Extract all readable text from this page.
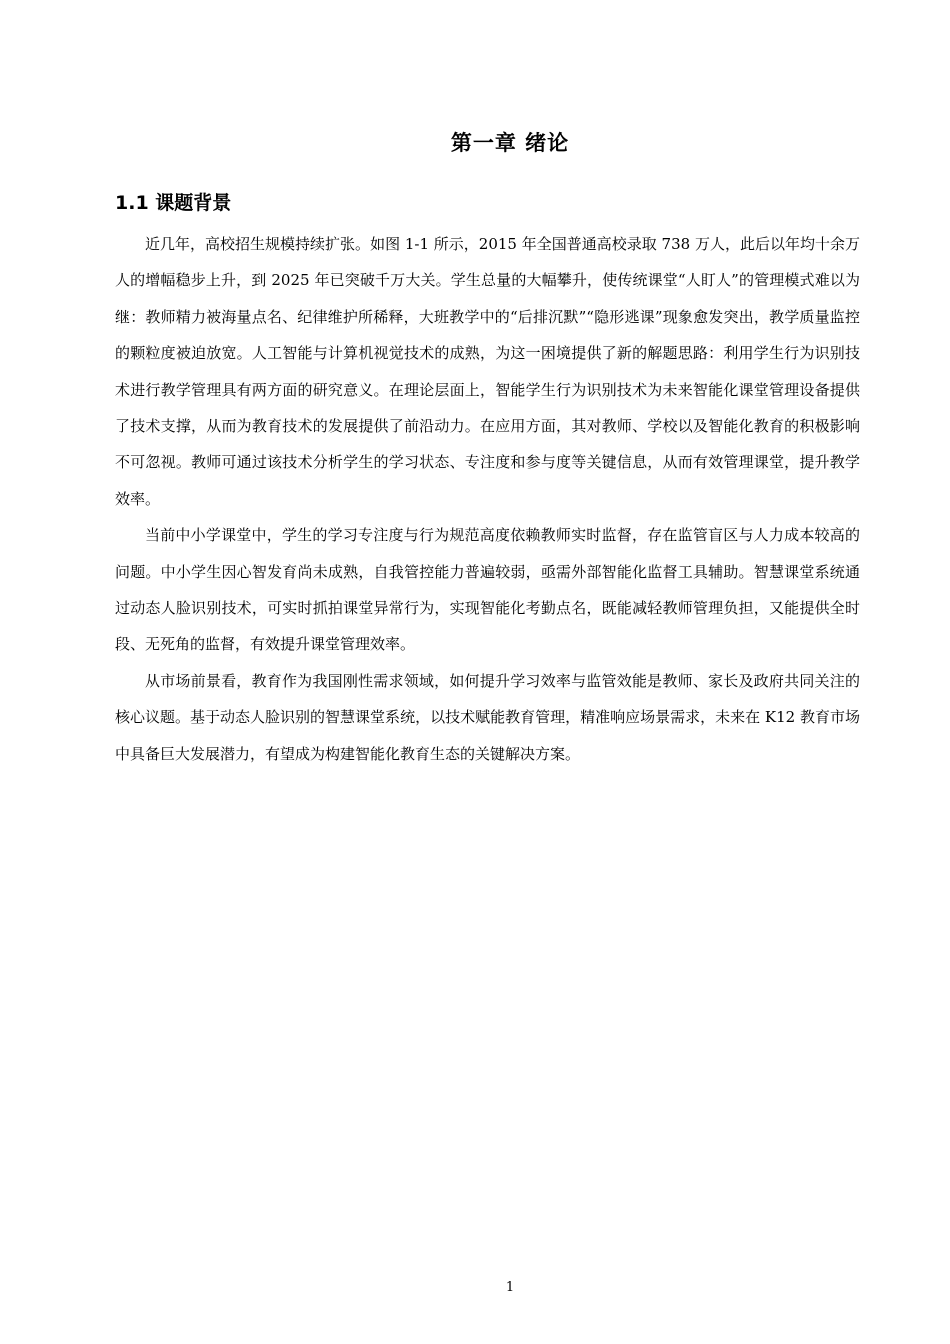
第一章 绪论
1.1 课题背景

近几年，高校招生规模持续扩张。如图 1-1 所示，2015 年全国普通高校录取 738 万人，此后以年均十余万人的增幅稳步上升，到 2025 年已突破千万大关。学生总量的大幅攀升，使传统课堂“人盯人”的管理模式难以为继：教师精力被海量点名、纪律维护所稀释，大班教学中的“后排沉默”“隐形逃课”现象愈发突出，教学质量监控的颗粒度被迫放宽。人工智能与计算机视觉技术的成熟，为这一困境提供了新的解题思路：利用学生行为识别技术进行教学管理具有两方面的研究意义。在理论层面上，智能学生行为识别技术为未来智能化课堂管理设备提供了技术支撑，从而为教育技术的发展提供了前沿动力。在应用方面，其对教师、学校以及智能化教育的积极影响不可忽视。教师可通过该技术分析学生的学习状态、专注度和参与度等关键信息，从而有效管理课堂，提升教学效率。

当前中小学课堂中，学生的学习专注度与行为规范高度依赖教师实时监督，存在监管盲区与人力成本较高的问题。中小学生因心智发育尚未成熟，自我管控能力普遍较弱，亟需外部智能化监督工具辅助。智慧课堂系统通过动态人脸识别技术，可实时抓拍课堂异常行为，实现智能化考勤点名，既能减轻教师管理负担，又能提供全时段、无死角的监督，有效提升课堂管理效率。

从市场前景看，教育作为我国刚性需求领域，如何提升学习效率与监管效能是教师、家长及政府共同关注的核心议题。基于动态人脸识别的智慧课堂系统，以技术赋能教育管理，精准响应场景需求，未来在 K12 教育市场中具备巨大发展潜力，有望成为构建智能化教育生态的关键解决方案。

1
